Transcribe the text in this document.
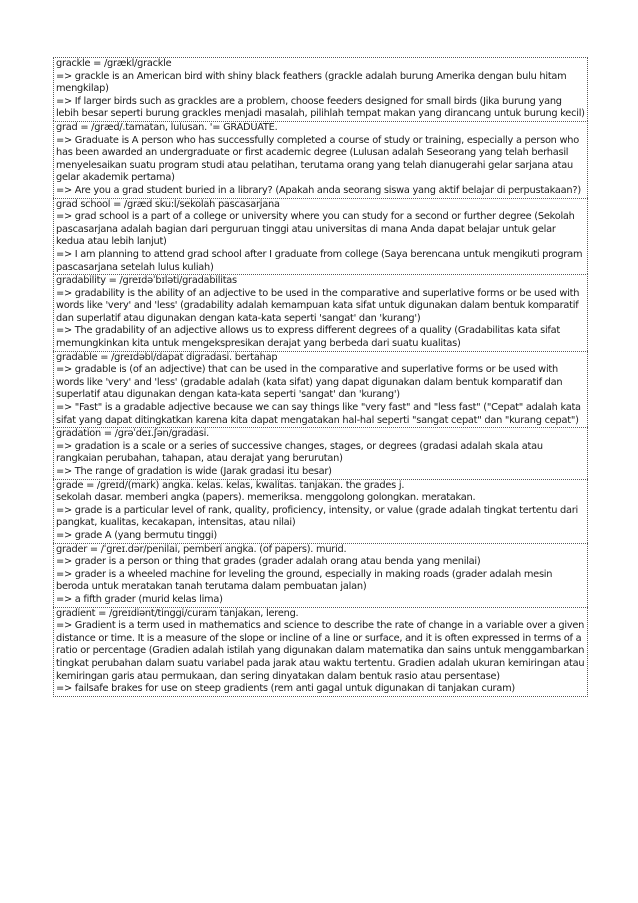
grackle = /grækl/grackle
=> grackle is an American bird with shiny black feathers (grackle adalah burung Amerika dengan bulu hitam mengkilap)
=> If larger birds such as grackles are a problem, choose feeders designed for small birds (Jika burung yang lebih besar seperti burung grackles menjadi masalah, pilihlah tempat makan yang dirancang untuk burung kecil)
grad = /græd/.tamatan, lulusan. '= GRADUATE.
=> Graduate is A person who has successfully completed a course of study or training, especially a person who has been awarded an undergraduate or first academic degree (Lulusan adalah Seseorang yang telah berhasil menyelesaikan suatu program studi atau pelatihan, terutama orang yang telah dianugerahi gelar sarjana atau gelar akademik pertama)
=> Are you a grad student buried in a library? (Apakah anda seorang siswa yang aktif belajar di perpustakaan?)
grad school = /græd sku:l/sekolah pascasarjana
=> grad school is a part of a college or university where you can study for a second or further degree (Sekolah pascasarjana adalah bagian dari perguruan tinggi atau universitas di mana Anda dapat belajar untuk gelar kedua atau lebih lanjut)
=> I am planning to attend grad school after I graduate from college (Saya berencana untuk mengikuti program pascasarjana setelah lulus kuliah)
gradability = /greɪdəˈbɪləti/gradabilitas
=> gradability is the ability of an adjective to be used in the comparative and superlative forms or be used with words like 'very' and 'less' (gradability adalah kemampuan kata sifat untuk digunakan dalam bentuk komparatif dan superlatif atau digunakan dengan kata-kata seperti 'sangat' dan 'kurang')
=> The gradability of an adjective allows us to express different degrees of a quality (Gradabilitas kata sifat memungkinkan kita untuk mengekspresikan derajat yang berbeda dari suatu kualitas)
gradable = /greɪdəbl/dapat digradasi. bertahap
=> gradable is (of an adjective) that can be used in the comparative and superlative forms or be used with words like 'very' and 'less' (gradable adalah (kata sifat) yang dapat digunakan dalam bentuk komparatif dan superlatif atau digunakan dengan kata-kata seperti 'sangat' dan 'kurang')
=> "Fast" is a gradable adjective because we can say things like "very fast" and "less fast" ("Cepat" adalah kata sifat yang dapat ditingkatkan karena kita dapat mengatakan hal-hal seperti "sangat cepat" dan "kurang cepat")
gradation = /grəˈdeɪ.ʃən/gradasi.
=> gradation is a scale or a series of successive changes, stages, or degrees (gradasi adalah skala atau rangkaian perubahan, tahapan, atau derajat yang berurutan)
=> The range of gradation is wide (Jarak gradasi itu besar)
grade = /greɪd/(mark) angka. kelas. kelas, kwalitas. tanjakan. the grades j.
sekolah dasar. memberi angka (papers). memeriksa. menggolong golongkan. meratakan.
=> grade is a particular level of rank, quality, proficiency, intensity, or value (grade adalah tingkat tertentu dari pangkat, kualitas, kecakapan, intensitas, atau nilai)
=> grade A (yang bermutu tinggi)
grader = /ˈgreɪ.dər/penilai, pemberi angka. (of papers). murid.
=> grader is a person or thing that grades (grader adalah orang atau benda yang menilai)
=> grader is a wheeled machine for leveling the ground, especially in making roads (grader adalah mesin beroda untuk meratakan tanah terutama dalam pembuatan jalan)
=> a fifth grader (murid kelas lima)
gradient = /greɪdiənt/tinggi/curam tanjakan, lereng.
=> Gradient is a term used in mathematics and science to describe the rate of change in a variable over a given distance or time. It is a measure of the slope or incline of a line or surface, and it is often expressed in terms of a ratio or percentage (Gradien adalah istilah yang digunakan dalam matematika dan sains untuk menggambarkan tingkat perubahan dalam suatu variabel pada jarak atau waktu tertentu. Gradien adalah ukuran kemiringan atau kemiringan garis atau permukaan, dan sering dinyatakan dalam bentuk rasio atau persentase)
=> failsafe brakes for use on steep gradients (rem anti gagal untuk digunakan di tanjakan curam)
